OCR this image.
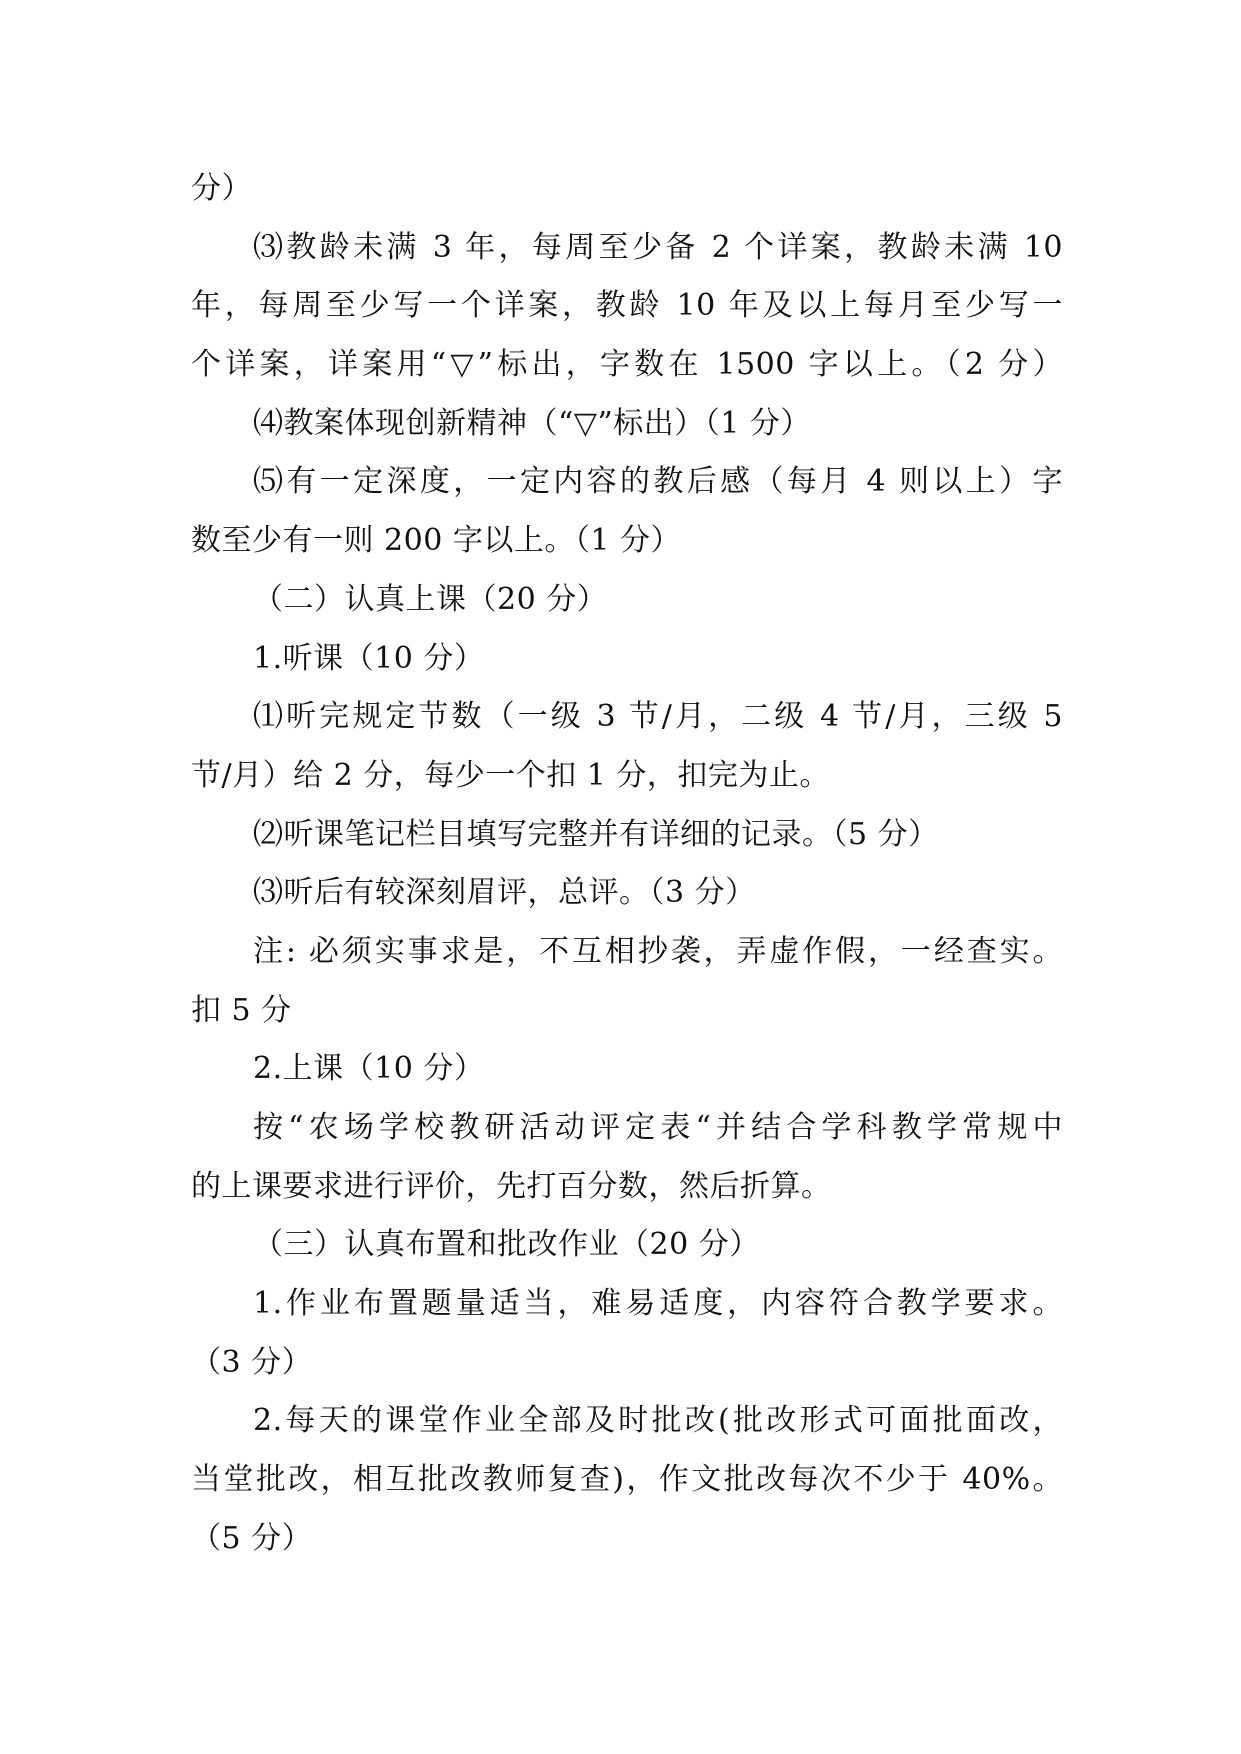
分）

⑶教龄未满 3 年，每周至少备 2 个详案，教龄未满 10

年，每周至少写一个详案，教龄 10 年及以上每月至少写一

个详案，详案用“▽”标出，字数在 1500 字以上。（2 分）

⑷教案体现创新精神（“▽”标出）（1 分）

⑸有一定深度，一定内容的教后感（每月 4 则以上）字

数至少有一则 200 字以上。（1 分）

（二）认真上课（20 分）

1.听课（10 分）

⑴听完规定节数（一级 3 节/月，二级 4 节/月，三级 5

节/月）给 2 分，每少一个扣 1 分，扣完为止。

⑵听课笔记栏目填写完整并有详细的记录。（5 分）

⑶听后有较深刻眉评，总评。（3 分）

注: 必须实事求是，不互相抄袭，弄虚作假，一经查实。

扣 5 分

2.上课（10 分）

按“农场学校教研活动评定表“并结合学科教学常规中

的上课要求进行评价，先打百分数，然后折算。

（三）认真布置和批改作业（20 分）

1.作业布置题量适当，难易适度，内容符合教学要求。

（3 分）

2.每天的课堂作业全部及时批改(批改形式可面批面改，

当堂批改，相互批改教师复查)，作文批改每次不少于 40%。

（5 分）
